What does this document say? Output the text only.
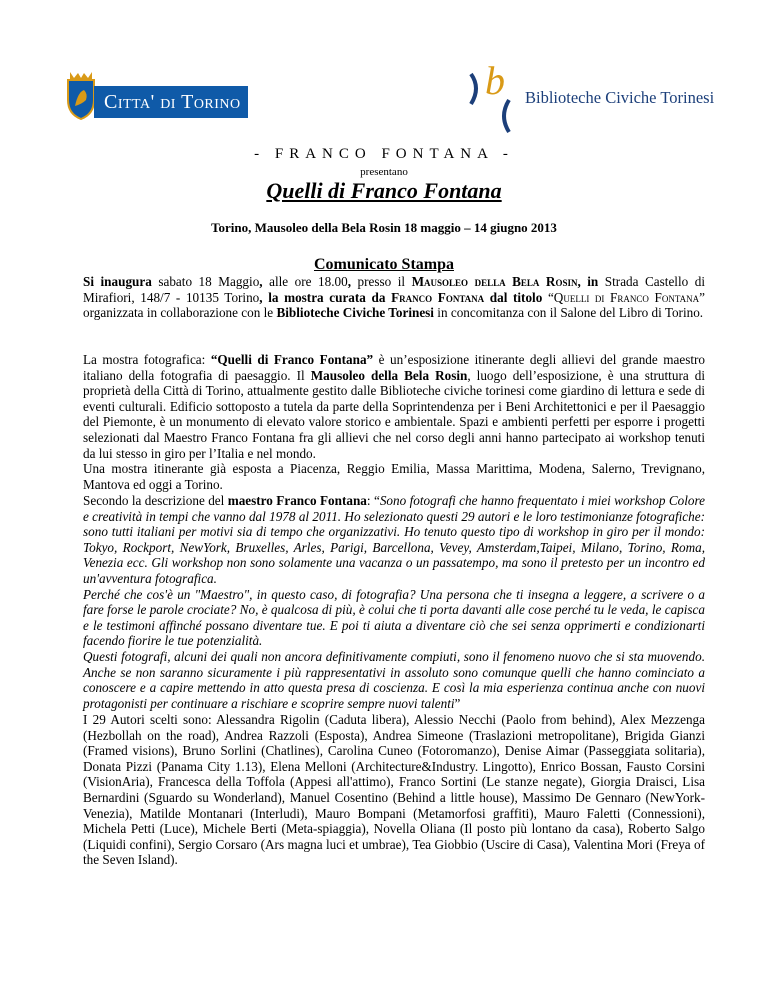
Citta' di Torino	b Biblioteche Civiche Torinesi
- FRANCO FONTANA -
presentano
Quelli di Franco Fontana
Torino, Mausoleo della Bela Rosin 18 maggio – 14 giugno 2013
Comunicato Stampa

Si inaugura sabato 18 Maggio, alle ore 18.00, presso il Mausoleo della Bela Rosin, in Strada Castello di Mirafiori, 148/7 - 10135 Torino, la mostra curata da Franco Fontana dal titolo “Quelli di Franco Fontana” organizzata in collaborazione con le Biblioteche Civiche Torinesi in concomitanza con il Salone del Libro di Torino.

La mostra fotografica: “Quelli di Franco Fontana” è un’esposizione itinerante degli allievi del grande maestro italiano della fotografia di paesaggio. Il Mausoleo della Bela Rosin, luogo dell’esposizione, è una struttura di proprietà della Città di Torino, attualmente gestito dalle Biblioteche civiche torinesi come giardino di lettura e sede di eventi culturali. Edificio sottoposto a tutela da parte della Soprintendenza per i Beni Architettonici e per il Paesaggio del Piemonte, è un monumento di elevato valore storico e ambientale. Spazi e ambienti perfetti per esporre i progetti selezionati dal Maestro Franco Fontana fra gli allievi che nel corso degli anni hanno partecipato ai workshop tenuti da lui stesso in giro per l’Italia e nel mondo.

Una mostra itinerante già esposta a Piacenza, Reggio Emilia, Massa Marittima, Modena, Salerno, Trevignano, Mantova ed oggi a Torino.

Secondo la descrizione del maestro Franco Fontana: “Sono fotografi che hanno frequentato i miei workshop Colore e creatività in tempi che vanno dal 1978 al 2011. Ho selezionato questi 29 autori e le loro testimonianze fotografiche: sono tutti italiani per motivi sia di tempo che organizzativi. Ho tenuto questo tipo di workshop in giro per il mondo: Tokyo, Rockport, NewYork, Bruxelles, Arles, Parigi, Barcellona, Vevey, Amsterdam,Taipei, Milano, Torino, Roma, Venezia ecc. Gli workshop non sono solamente una vacanza o un passatempo, ma sono il pretesto per un incontro ed un'avventura fotografica.

Perché che cos'è un "Maestro", in questo caso, di fotografia? Una persona che ti insegna a leggere, a scrivere o a fare forse le parole crociate? No, è qualcosa di più, è colui che ti porta davanti alle cose perché tu le veda, le capisca e le testimoni affinché possano diventare tue. E poi ti aiuta a diventare ciò che sei senza opprimerti e condizionarti facendo fiorire le tue potenzialità.

Questi fotografi, alcuni dei quali non ancora definitivamente compiuti, sono il fenomeno nuovo che si sta muovendo. Anche se non saranno sicuramente i più rappresentativi in assoluto sono comunque quelli che hanno cominciato a conoscere e a capire mettendo in atto questa presa di coscienza. E così la mia esperienza continua anche con nuovi protagonisti per continuare a rischiare e scoprire sempre nuovi talenti”

I 29 Autori scelti sono: Alessandra Rigolin (Caduta libera), Alessio Necchi (Paolo from behind), Alex Mezzenga (Hezbollah on the road), Andrea Razzoli (Esposta), Andrea Simeone (Traslazioni metropolitane), Brigida Gianzi (Framed visions), Bruno Sorlini (Chatlines), Carolina Cuneo (Fotoromanzo), Denise Aimar (Passeggiata solitaria), Donata Pizzi (Panama City 1.13), Elena Melloni (Architecture&Industry. Lingotto), Enrico Bossan, Fausto Corsini (VisionAria), Francesca della Toffola (Appesi all'attimo), Franco Sortini (Le stanze negate), Giorgia Draisci, Lisa Bernardini (Sguardo su Wonderland), Manuel Cosentino (Behind a little house), Massimo De Gennaro (NewYork-Venezia), Matilde Montanari (Interludi), Mauro Bompani (Metamorfosi graffiti), Mauro Faletti (Connessioni), Michela Petti (Luce), Michele Berti (Meta-spiaggia), Novella Oliana (Il posto più lontano da casa), Roberto Salgo (Liquidi confini), Sergio Corsaro (Ars magna luci et umbrae), Tea Giobbio (Uscire di Casa), Valentina Mori (Freya of the Seven Island).
